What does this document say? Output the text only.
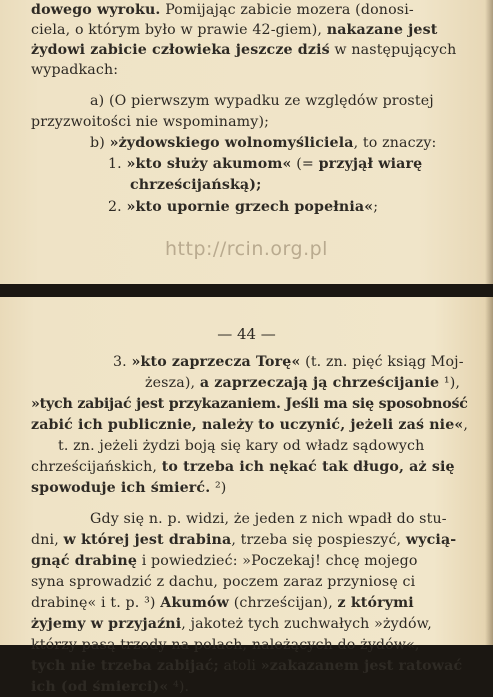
dowego wyroku. Pomijając zabicie mozera (donosi-
ciela, o którym było w prawie 42-giem), nakazane jest
żydowi zabicie człowieka jeszcze dziś w następujących
wypadkach:
a) (O pierwszym wypadku ze względów prostej
przyzwoitości nie wspominamy);
b) »żydowskiego wolnomyśliciela, to znaczy:
1. »kto służy akumom« (= przyjął wiarę
chrześcijańską);
2. »kto upornie grzech popełnia«;
http://rcin.org.pl
— 44 —
3. »kto zaprzecza Torę« (t. zn. pięć ksiąg Moj-
żesza), a zaprzeczają ją chrześcijanie ¹),
»tych zabijać jest przykazaniem. Jeśli ma się sposobność
zabić ich publicznie, należy to uczynić, jeżeli zaś nie«,
t. zn. jeżeli żydzi boją się kary od władz sądowych
chrześcijańskich, to trzeba ich nękać tak długo, aż się
spowoduje ich śmierć. ²)
Gdy się n. p. widzi, że jeden z nich wpadł do stu-
dni, w której jest drabina, trzeba się pospieszyć, wycią-
gnąć drabinę i powiedzieć: »Poczekaj! chcę mojego
syna sprowadzić z dachu, poczem zaraz przyniosę ci
drabinę« i t. p. ³) Akumów (chrześcijan), z którymi
żyjemy w przyjaźni, jakoteż tych zuchwałych »żydów,
którzy pasą trzody na polach, należących do żydów«,
tych nie trzeba zabijać; atoli »zakazanem jest ratować
ich (od śmierci)« ⁴).
